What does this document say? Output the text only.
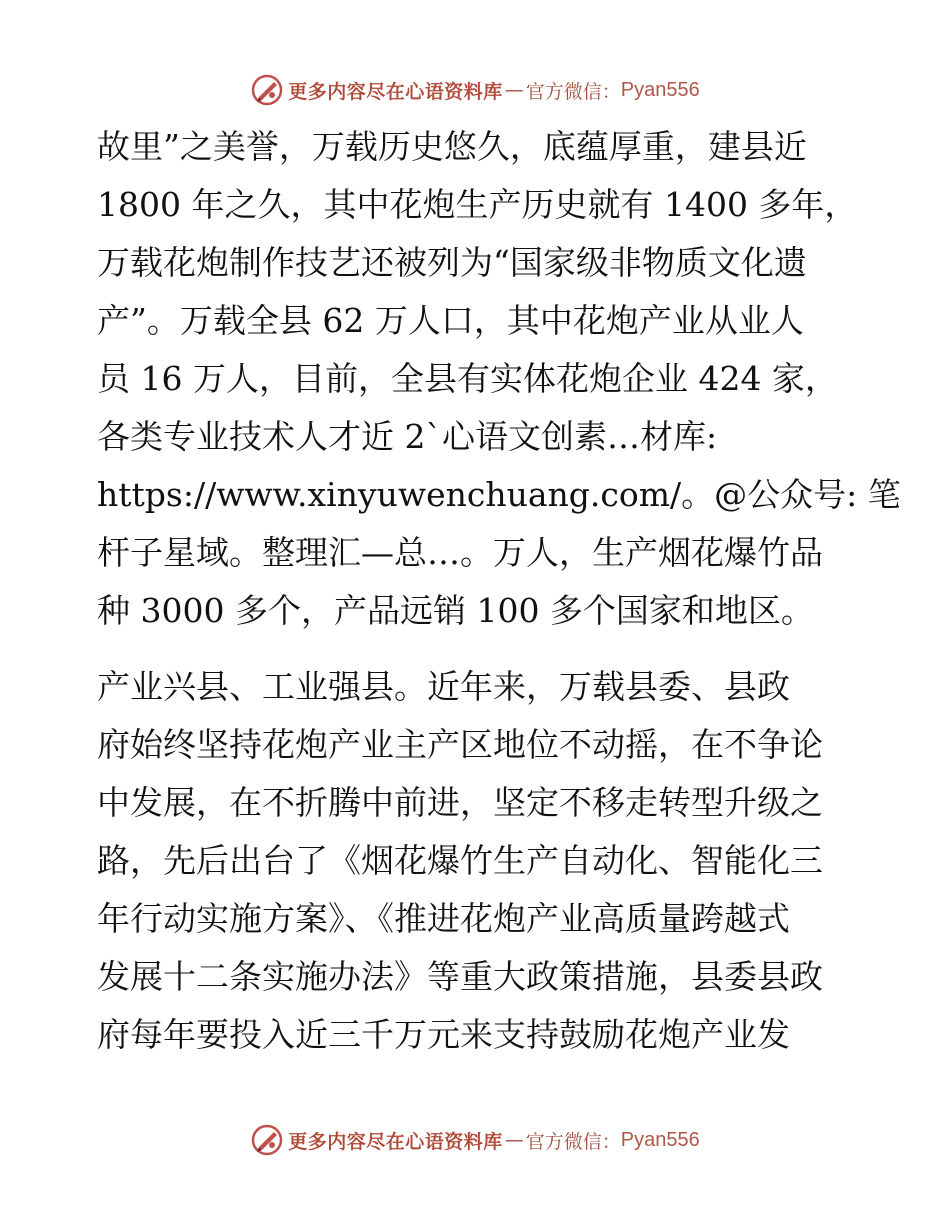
更多内容尽在心语资料库 — 官方微信： Pyan556
故里”之美誉，万载历史悠久，底蕴厚重，建县近
1800 年之久，其中花炮生产历史就有 1400 多年，
万载花炮制作技艺还被列为“国家级非物质文化遗
产”。万载全县 62 万人口，其中花炮产业从业人
员 16 万人，目前，全县有实体花炮企业 424 家，
各类专业技术人才近 2`心语文创素…材库:
https://www.xinyuwenchuang.com/。@公众号: 笔
杆子星域。整理汇—总…。万人，生产烟花爆竹品
种 3000 多个，产品远销 100 多个国家和地区。
产业兴县、工业强县。近年来，万载县委、县政
府始终坚持花炮产业主产区地位不动摇，在不争论
中发展，在不折腾中前进，坚定不移走转型升级之
路，先后出台了《烟花爆竹生产自动化、智能化三
年行动实施方案》、《推进花炮产业高质量跨越式
发展十二条实施办法》等重大政策措施，县委县政
府每年要投入近三千万元来支持鼓励花炮产业发
更多内容尽在心语资料库 — 官方微信： Pyan556
